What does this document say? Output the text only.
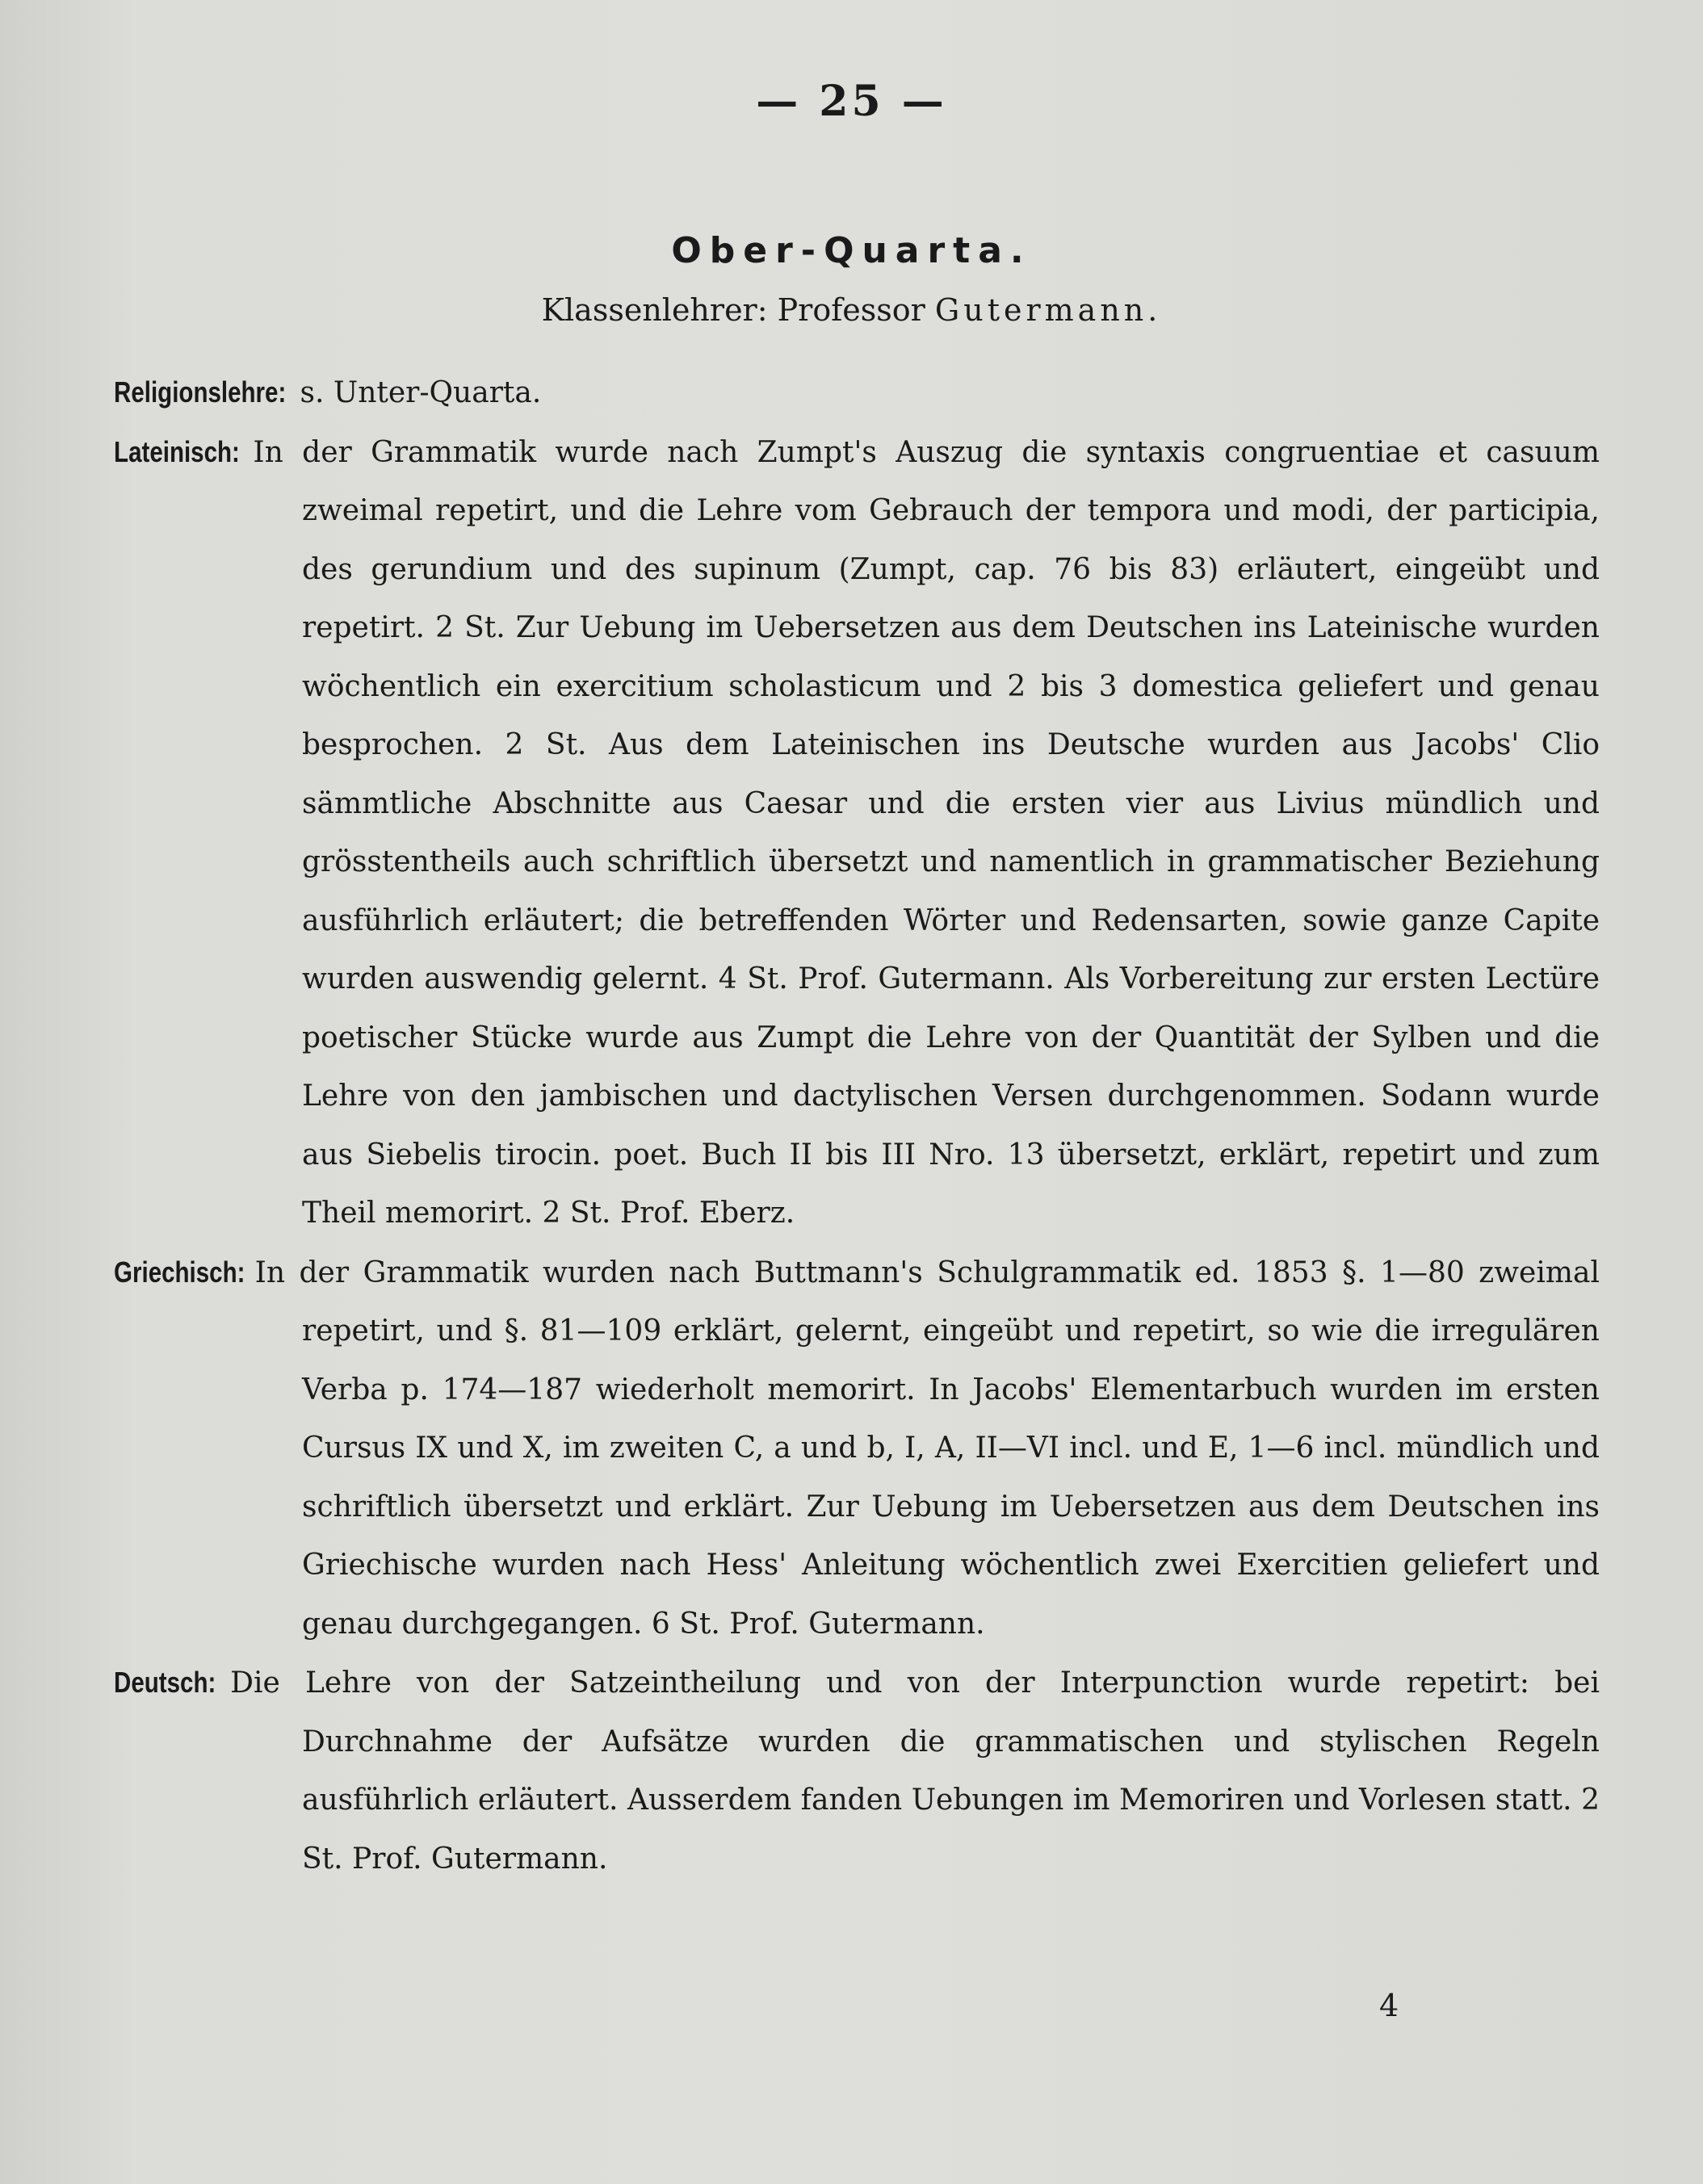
— 25 —
Ober-Quarta.
Klassenlehrer: Professor Gutermann.

Religionslehre: s. Unter-Quarta.

Lateinisch: In der Grammatik wurde nach Zumpt's Auszug die syntaxis congruentiae et casuum zweimal repetirt, und die Lehre vom Gebrauch der tempora und modi, der participia, des gerundium und des supinum (Zumpt, cap. 76 bis 83) erläutert, eingeübt und repetirt. 2 St. Zur Uebung im Uebersetzen aus dem Deutschen ins Lateinische wurden wöchentlich ein exercitium scholasticum und 2 bis 3 domestica geliefert und genau besprochen. 2 St. Aus dem Lateinischen ins Deutsche wurden aus Jacobs' Clio sämmtliche Abschnitte aus Caesar und die ersten vier aus Livius mündlich und grösstentheils auch schriftlich übersetzt und namentlich in grammatischer Beziehung ausführlich erläutert; die betreffenden Wörter und Redensarten, sowie ganze Capite wurden auswendig gelernt. 4 St. Prof. Gutermann. Als Vorbereitung zur ersten Lectüre poetischer Stücke wurde aus Zumpt die Lehre von der Quantität der Sylben und die Lehre von den jambischen und dactylischen Versen durchgenommen. Sodann wurde aus Siebelis tirocin. poet. Buch II bis III Nro. 13 übersetzt, erklärt, repetirt und zum Theil memorirt. 2 St. Prof. Eberz.

Griechisch: In der Grammatik wurden nach Buttmann's Schulgrammatik ed. 1853 §. 1—80 zweimal repetirt, und §. 81—109 erklärt, gelernt, eingeübt und repetirt, so wie die irregulären Verba p. 174—187 wiederholt memorirt. In Jacobs' Elementarbuch wurden im ersten Cursus IX und X, im zweiten C, a und b, I, A, II—VI incl. und E, 1—6 incl. mündlich und schriftlich übersetzt und erklärt. Zur Uebung im Uebersetzen aus dem Deutschen ins Griechische wurden nach Hess' Anleitung wöchentlich zwei Exercitien geliefert und genau durchgegangen. 6 St. Prof. Gutermann.

Deutsch: Die Lehre von der Satzeintheilung und von der Interpunction wurde repetirt: bei Durchnahme der Aufsätze wurden die grammatischen und stylischen Regeln ausführlich erläutert. Ausserdem fanden Uebungen im Memoriren und Vorlesen statt. 2 St. Prof. Gutermann.

4
